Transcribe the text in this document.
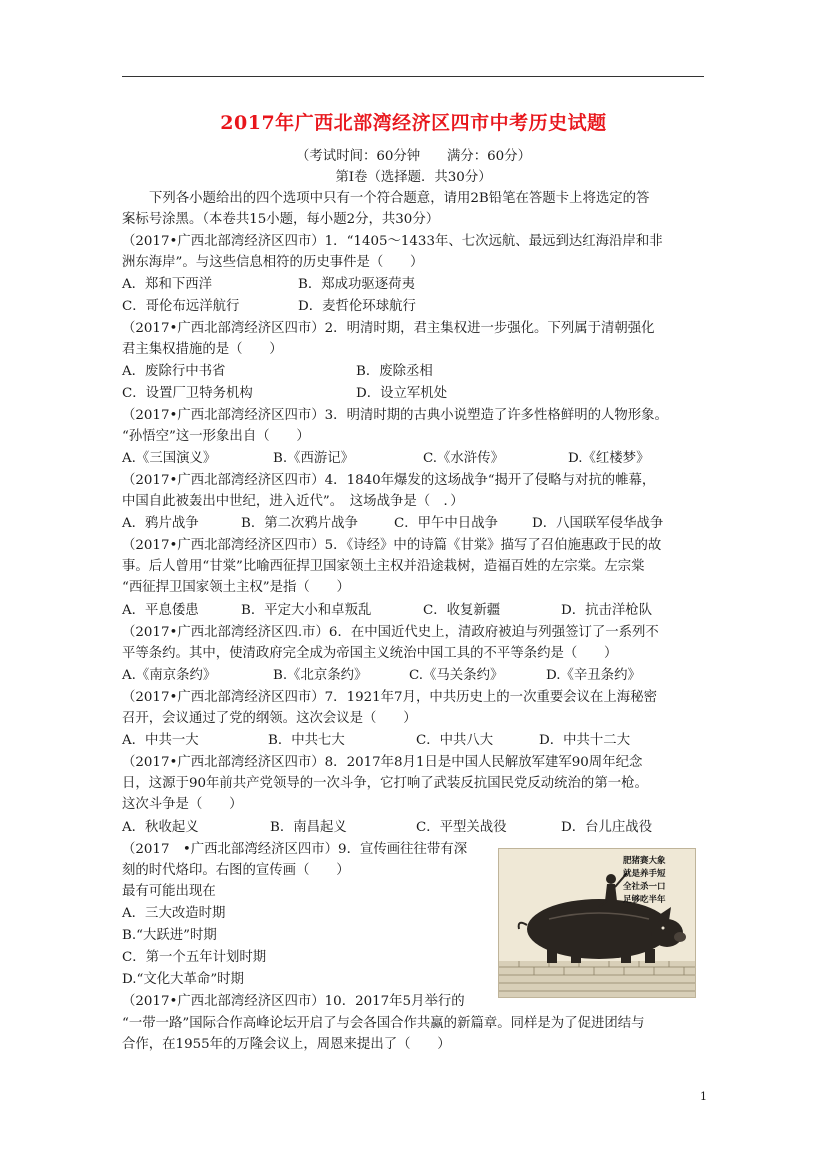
2017年广西北部湾经济区四市中考历史试题
（考试时间：60分钟　　满分：60分）
第Ⅰ卷（选择题．共30分）
下列各小题给出的四个选项中只有一个符合题意，请用2B铅笔在答题卡上将选定的答
案标号涂黑。（本卷共15小题，每小题2分，共30分）
（2017•广西北部湾经济区四市）1．“1405～1433年、七次远航、最远到达红海沿岸和非
洲东海岸”。与这些信息相符的历史事件是（　　）
A．郑和下西洋	B．郑成功驱逐荷夷
C．哥伦布远洋航行	D．麦哲伦环球航行
（2017•广西北部湾经济区四市）2．明清时期，君主集权进一步强化。下列属于清朝强化
君主集权措施的是（　　）
A．废除行中书省	B．废除丞相
C．设置厂卫特务机构	D．设立军机处
（2017•广西北部湾经济区四市）3．明清时期的古典小说塑造了许多性格鲜明的人物形象。
“孙悟空”这一形象出自（　　）
A.《三国演义》	B.《西游记》	C.《水浒传》	D.《红楼梦》
（2017•广西北部湾经济区四市）4．1840年爆发的这场战争“揭开了侵略与对抗的帷幕，
中国自此被轰出中世纪，进入近代”。　这场战争是（　．）
A．鸦片战争	B．第二次鸦片战争	C．甲午中日战争	D．八国联军侵华战争
（2017•广西北部湾经济区四市）5．《诗经》中的诗篇《甘棠》描写了召伯施惠政于民的故
事。后人曾用“甘棠”比喻西征捍卫国家领土主权并沿途栽树，造福百姓的左宗棠。左宗棠
“西征捍卫国家领土主权”是指（　　）
A．平息倭患	B．平定大小和卓叛乱	C．收复新疆	D．抗击洋枪队
（2017•广西北部湾经济区四.市）6．在中国近代史上，清政府被迫与列强签订了一系列不
平等条约。其中，使清政府完全成为帝国主义统治中国工具的不平等条约是（　　）
A.《南京条约》	B.《北京条约》	C.《马关条约》	D.《辛丑条约》
（2017•广西北部湾经济区四市）7．1921年7月，中共历史上的一次重要会议在上海秘密
召开，会议通过了党的纲领。这次会议是（　　）
A．中共一大	B．中共七大	C．中共八大	D．中共十二大
（2017•广西北部湾经济区四市）8．2017年8月1日是中国人民解放军建军90周年纪念
日，这源于90年前共产党领导的一次斗争，它打响了武装反抗国民党反动统治的第一枪。
这次斗争是（　　）
A．秋收起义	B．南昌起义	C．平型关战役	D．台儿庄战役
（2017　•广西北部湾经济区四市）9．宣传画往往带有深
刻的时代烙印。右图的宣传画（　　）
最有可能出现在
A．三大改造时期
B.“大跃进”时期
C．第一个五年计划时期
D.“文化大革命”时期
（2017•广西北部湾经济区四市）10．2017年5月举行的
“一带一路”国际合作高峰论坛开启了与会各国合作共赢的新篇章。同样是为了促进团结与
合作，在1955年的万隆会议上，周恩来提出了（　　）
肥猪赛大象
就是养手短
全社杀一口
足够吃半年
1
